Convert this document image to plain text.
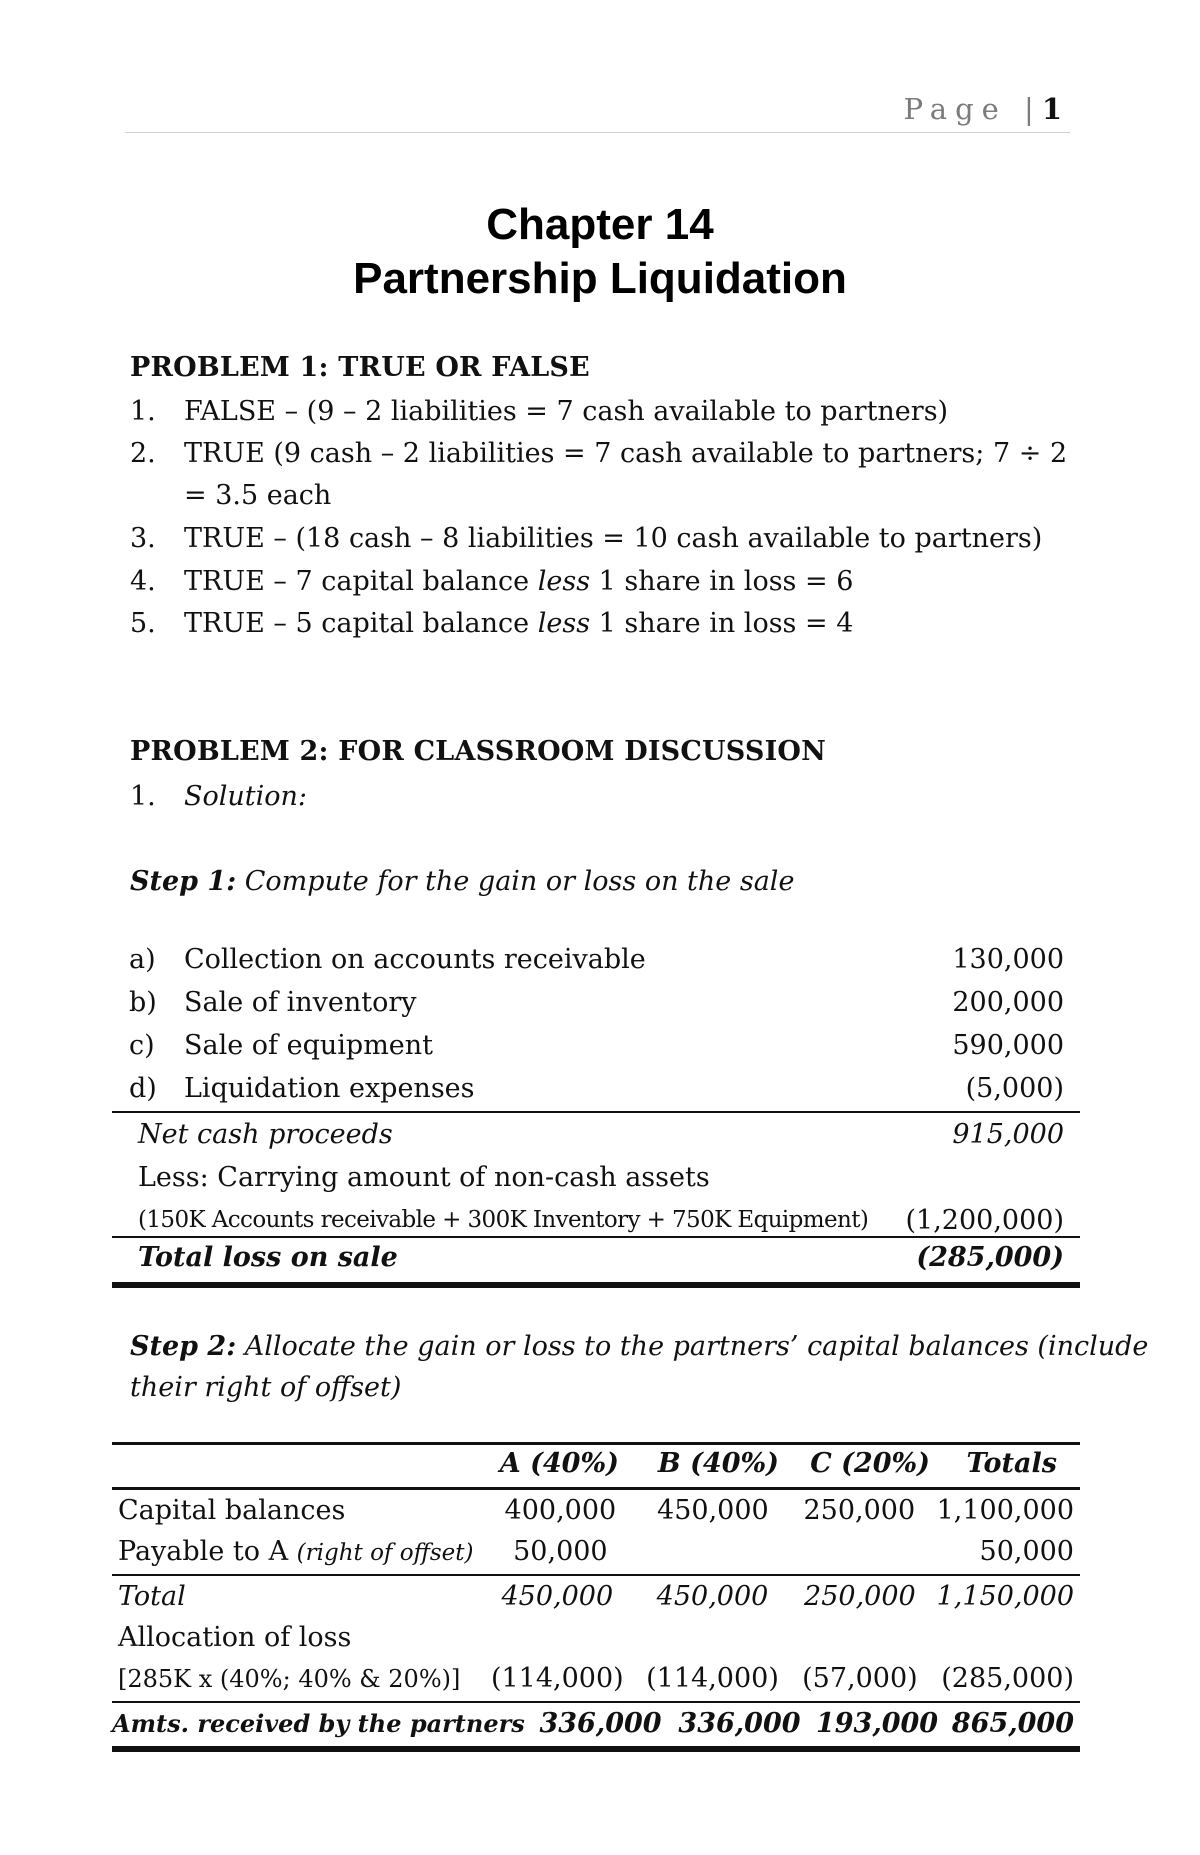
Page | 1
Chapter 14
Partnership Liquidation
PROBLEM 1: TRUE OR FALSE
1. FALSE – (9 – 2 liabilities = 7 cash available to partners)
2. TRUE (9 cash – 2 liabilities = 7 cash available to partners; 7 ÷ 2
= 3.5 each
3. TRUE – (18 cash – 8 liabilities = 10 cash available to partners)
4. TRUE – 7 capital balance less 1 share in loss = 6
5. TRUE – 5 capital balance less 1 share in loss = 4
PROBLEM 2: FOR CLASSROOM DISCUSSION
1. Solution:
Step 1: Compute for the gain or loss on the sale
a) Collection on accounts receivable	130,000
b) Sale of inventory	200,000
c) Sale of equipment	590,000
d) Liquidation expenses	(5,000)
Net cash proceeds	915,000
Less: Carrying amount of non-cash assets
(150K Accounts receivable + 300K Inventory + 750K Equipment) (1,200,000)
Total loss on sale	(285,000)
Step 2: Allocate the gain or loss to the partners’ capital balances (include
their right of offset)
	A (40%)	B (40%)	C (20%)	Totals
Capital balances	400,000	450,000	250,000	1,100,000
Payable to A (right of offset)	50,000			50,000
Total	450,000	450,000	250,000	1,150,000
Allocation of loss				
[285K x (40%; 40% & 20%)]	(114,000)	(114,000)	(57,000)	(285,000)
Amts. received by the partners	336,000	336,000	193,000	865,000
